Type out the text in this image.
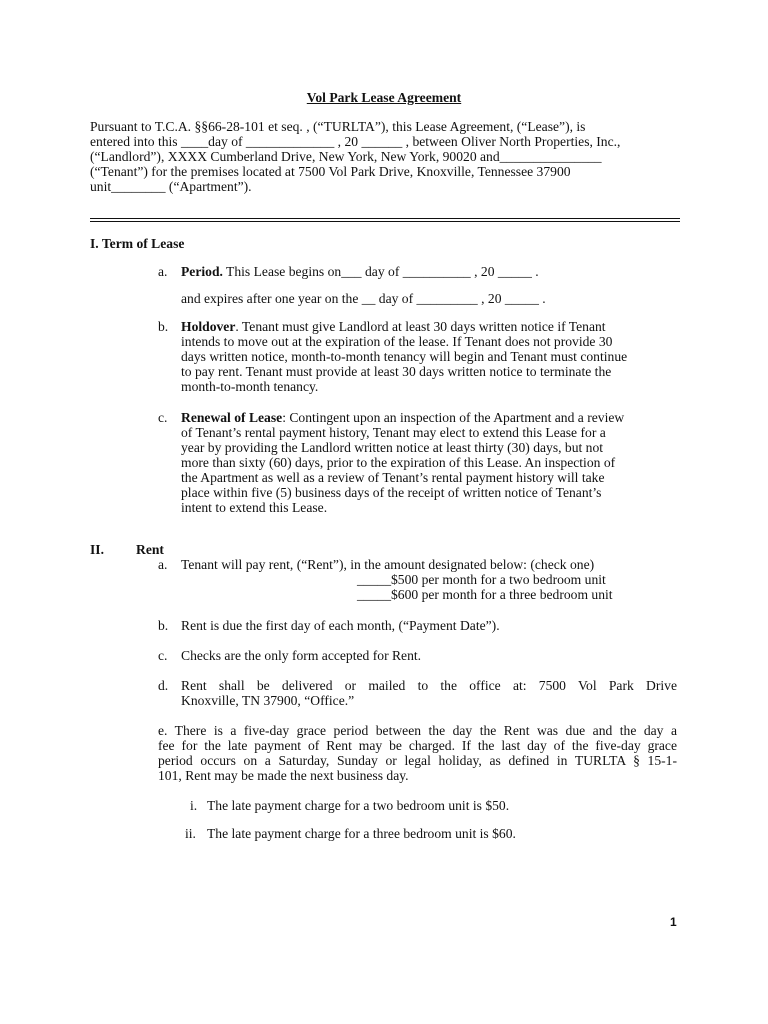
Vol Park Lease Agreement
Pursuant to T.C.A. §§66-28-101 et seq. , (“TURLTA”), this Lease Agreement, (“Lease”), is
entered into this ____day of _____________ , 20 ______ , between Oliver North Properties, Inc.,
(“Landlord”), XXXX Cumberland Drive, New York, New York, 90020 and_______________
(“Tenant”) for the premises located at 7500 Vol Park Drive, Knoxville, Tennessee 37900
unit________ (“Apartment”).
I. Term of Lease
a. Period. This Lease begins on___ day of __________ , 20 _____ .
and expires after one year on the __ day of _________ , 20 _____ .
b. Holdover. Tenant must give Landlord at least 30 days written notice if Tenant
intends to move out at the expiration of the lease. If Tenant does not provide 30
days written notice, month-to-month tenancy will begin and Tenant must continue
to pay rent. Tenant must provide at least 30 days written notice to terminate the
month-to-month tenancy.
c. Renewal of Lease: Contingent upon an inspection of the Apartment and a review
of Tenant’s rental payment history, Tenant may elect to extend this Lease for a
year by providing the Landlord written notice at least thirty (30) days, but not
more than sixty (60) days, prior to the expiration of this Lease. An inspection of
the Apartment as well as a review of Tenant’s rental payment history will take
place within five (5) business days of the receipt of written notice of Tenant’s
intent to extend this Lease.
II. Rent
a. Tenant will pay rent, (“Rent”), in the amount designated below: (check one)
_____$500 per month for a two bedroom unit
_____$600 per month for a three bedroom unit
b. Rent is due the first day of each month, (“Payment Date”).
c. Checks are the only form accepted for Rent.
d. Rent shall be delivered or mailed to the office at: 7500 Vol Park Drive
Knoxville, TN 37900, “Office.”
e. There is a five-day grace period between the day the Rent was due and the day a
fee for the late payment of Rent may be charged. If the last day of the five-day grace
period occurs on a Saturday, Sunday or legal holiday, as defined in TURLTA § 15-1-
101, Rent may be made the next business day.
i. The late payment charge for a two bedroom unit is $50.
ii. The late payment charge for a three bedroom unit is $60.
1
